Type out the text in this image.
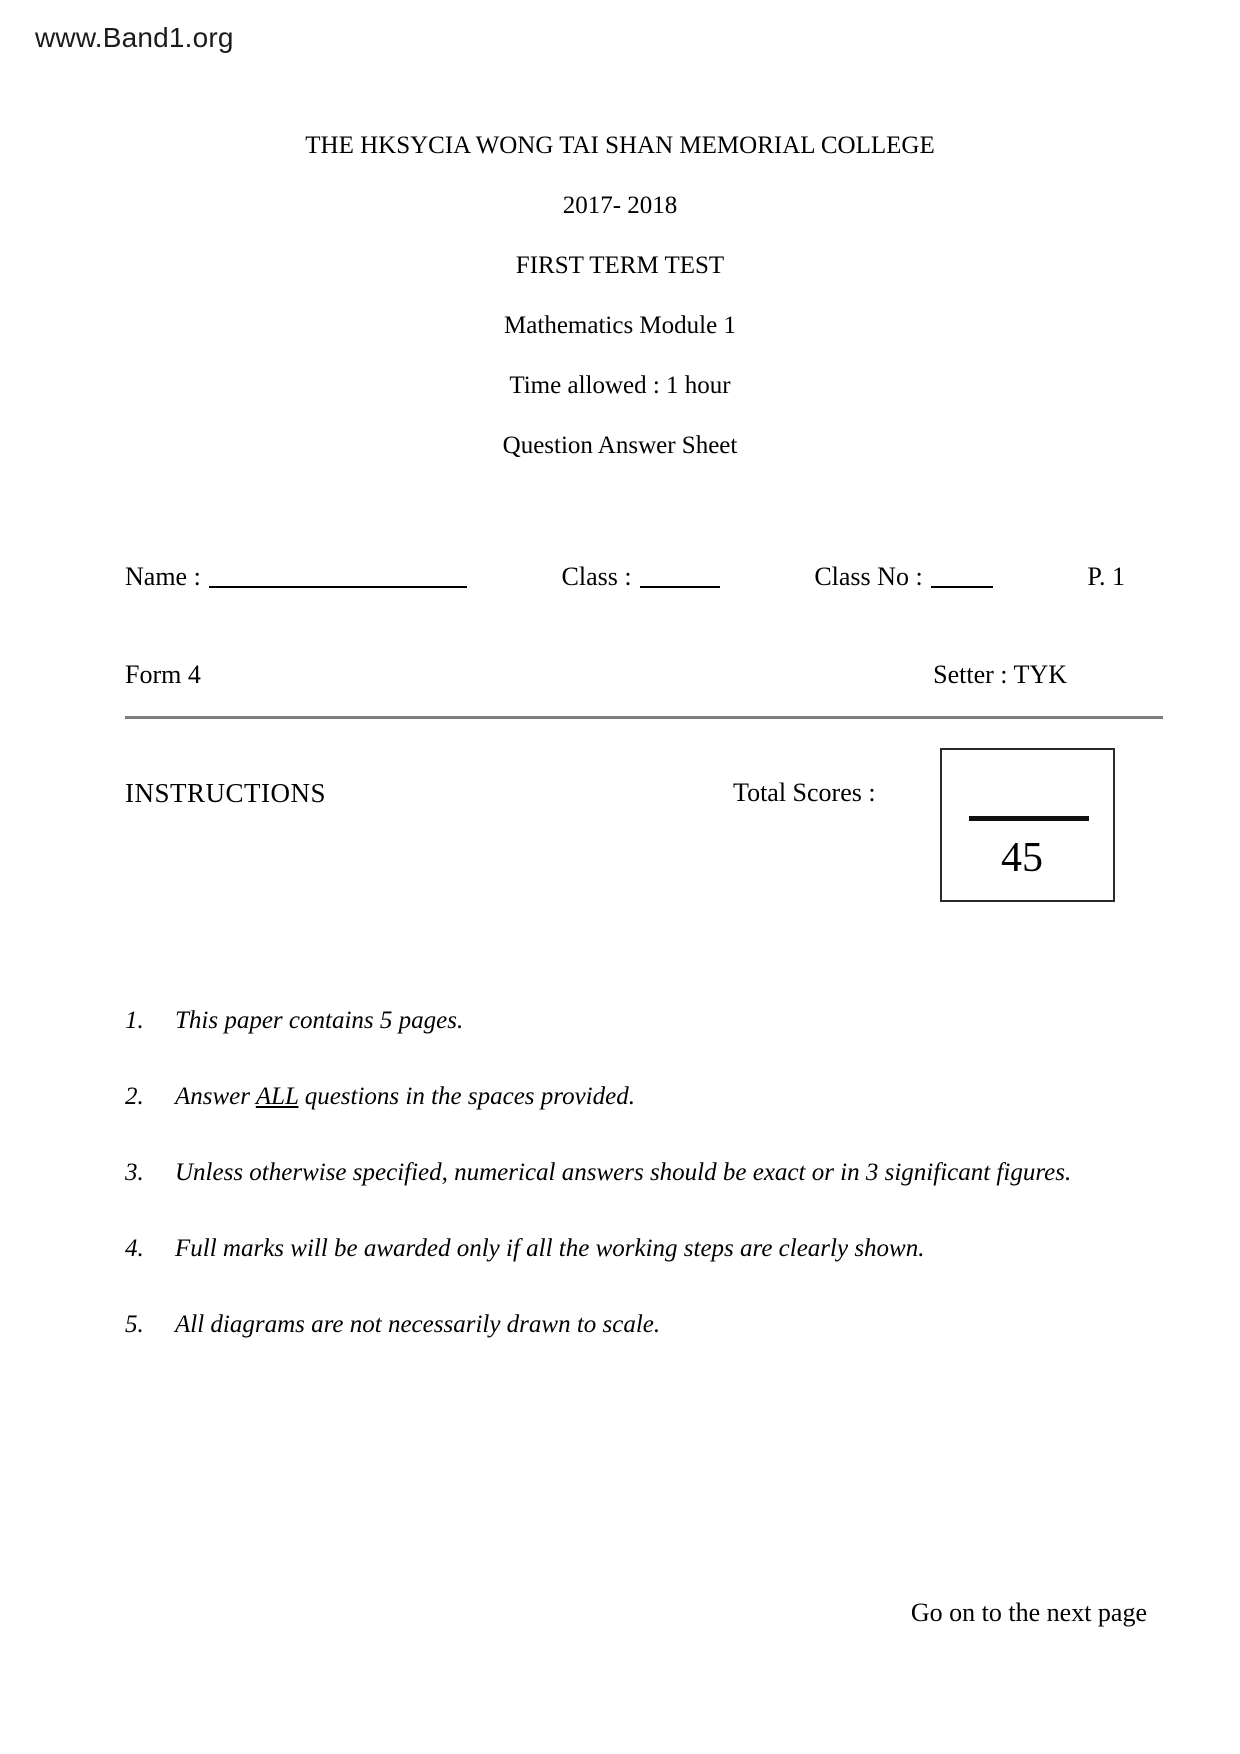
www.Band1.org
THE HKSYCIA WONG TAI SHAN MEMORIAL COLLEGE
2017- 2018
FIRST TERM TEST
Mathematics Module 1
Time allowed : 1 hour
Question Answer Sheet
Name :	Class :	Class No :	P. 1
Form 4	Setter : TYK
INSTRUCTIONS	Total Scores :
45
1.	This paper contains 5 pages.
2.	Answer ALL questions in the spaces provided.
3.	Unless otherwise specified, numerical answers should be exact or in 3 significant figures.
4.	Full marks will be awarded only if all the working steps are clearly shown.
5.	All diagrams are not necessarily drawn to scale.
Go on to the next page
